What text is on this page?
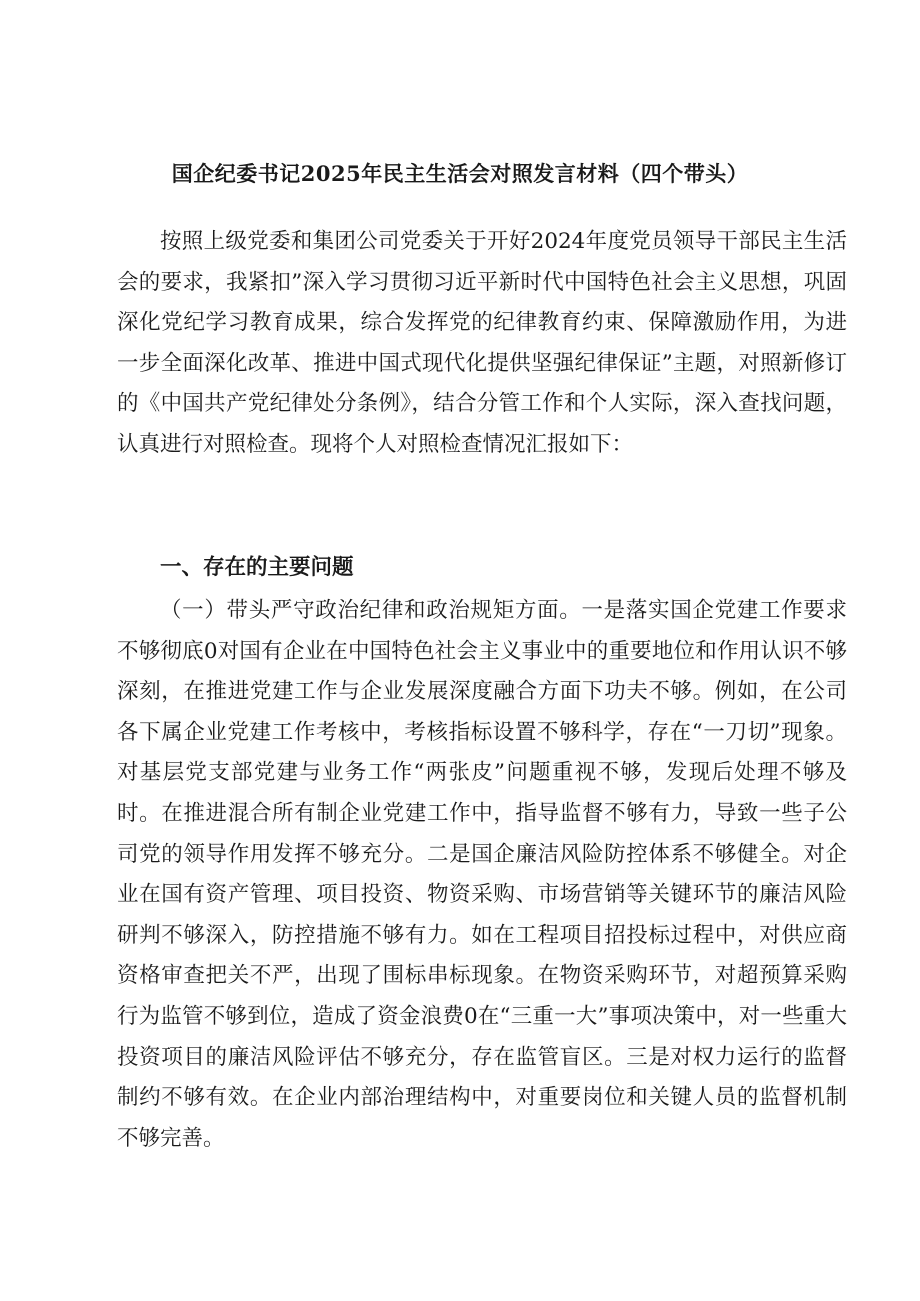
国企纪委书记2025年民主生活会对照发言材料（四个带头）

按照上级党委和集团公司党委关于开好2024年度党员领导干部民主生活会的要求，我紧扣”深入学习贯彻习近平新时代中国特色社会主义思想，巩固深化党纪学习教育成果，综合发挥党的纪律教育约束、保障激励作用，为进一步全面深化改革、推进中国式现代化提供坚强纪律保证”主题，对照新修订的《中国共产党纪律处分条例》，结合分管工作和个人实际，深入查找问题，认真进行对照检查。现将个人对照检查情况汇报如下：

一、存在的主要问题

（一）带头严守政治纪律和政治规矩方面。一是落实国企党建工作要求不够彻底0对国有企业在中国特色社会主义事业中的重要地位和作用认识不够深刻，在推进党建工作与企业发展深度融合方面下功夫不够。例如，在公司各下属企业党建工作考核中，考核指标设置不够科学，存在“一刀切”现象。对基层党支部党建与业务工作“两张皮”问题重视不够，发现后处理不够及时。在推进混合所有制企业党建工作中，指导监督不够有力，导致一些子公司党的领导作用发挥不够充分。二是国企廉洁风险防控体系不够健全。对企业在国有资产管理、项目投资、物资采购、市场营销等关键环节的廉洁风险研判不够深入，防控措施不够有力。如在工程项目招投标过程中，对供应商资格审查把关不严，出现了围标串标现象。在物资采购环节，对超预算采购行为监管不够到位，造成了资金浪费0在“三重一大”事项决策中，对一些重大投资项目的廉洁风险评估不够充分，存在监管盲区。三是对权力运行的监督制约不够有效。在企业内部治理结构中，对重要岗位和关键人员的监督机制不够完善。
